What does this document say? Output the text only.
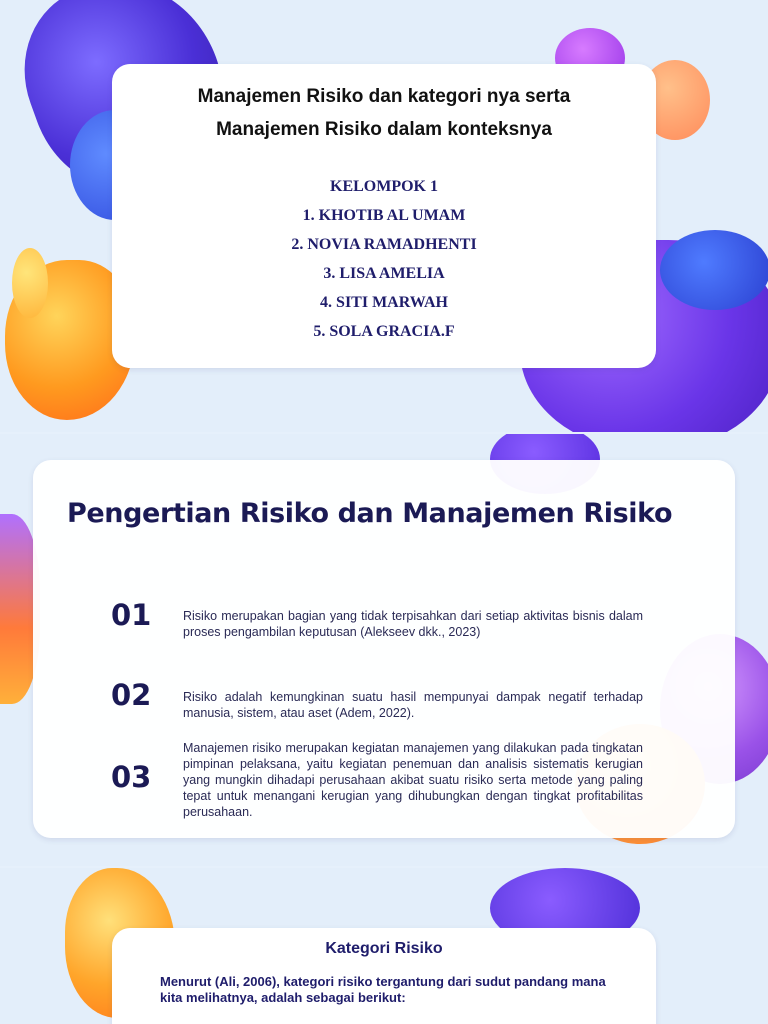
Manajemen Risiko dan kategori nya serta
Manajemen Risiko dalam konteksnya
KELOMPOK 1
1. KHOTIB AL UMAM
2. NOVIA RAMADHENTI
3. LISA AMELIA
4. SITI MARWAH
5. SOLA GRACIA.F
Pengertian Risiko dan Manajemen Risiko
01	Risiko merupakan bagian yang tidak terpisahkan dari setiap aktivitas bisnis dalam proses pengambilan keputusan (Alekseev dkk., 2023)
02	Risiko adalah kemungkinan suatu hasil mempunyai dampak negatif terhadap manusia, sistem, atau aset (Adem, 2022).
03
Manajemen risiko merupakan kegiatan manajemen yang dilakukan pada tingkatan pimpinan pelaksana, yaitu kegiatan penemuan dan analisis sistematis kerugian yang mungkin dihadapi perusahaan akibat suatu risiko serta metode yang paling tepat untuk menangani kerugian yang dihubungkan dengan tingkat profitabilitas perusahaan.
Kategori Risiko
Menurut (Ali, 2006), kategori risiko tergantung dari sudut pandang mana kita melihatnya, adalah sebagai berikut:
